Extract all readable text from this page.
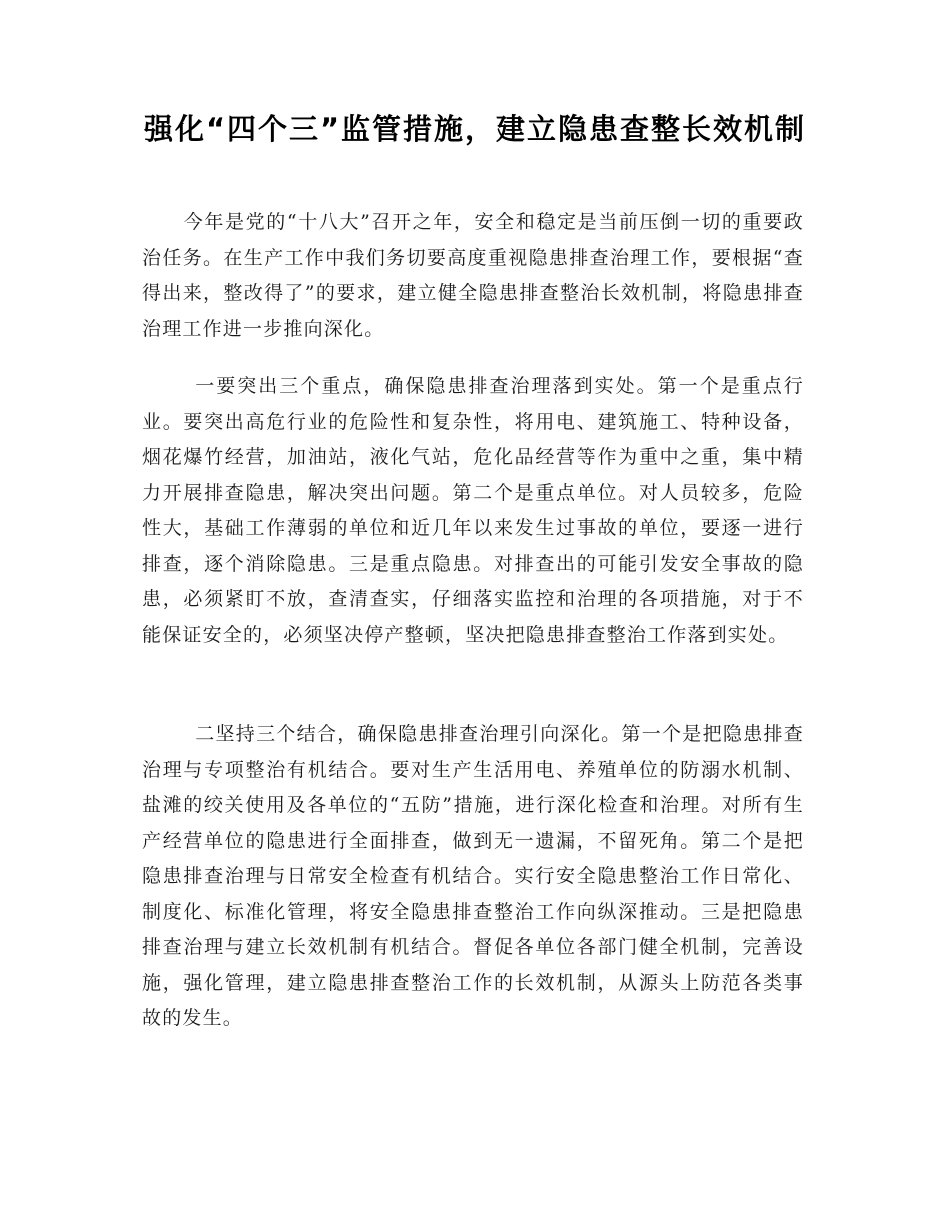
强化“四个三”监管措施，建立隐患查整长效机制

今年是党的“十八大”召开之年，安全和稳定是当前压倒一切的重要政治任务。在生产工作中我们务切要高度重视隐患排查治理工作，要根据“查得出来，整改得了”的要求，建立健全隐患排查整治长效机制，将隐患排查治理工作进一步推向深化。

一要突出三个重点，确保隐患排查治理落到实处。第一个是重点行业。要突出高危行业的危险性和复杂性，将用电、建筑施工、特种设备，烟花爆竹经营，加油站，液化气站，危化品经营等作为重中之重，集中精力开展排查隐患，解决突出问题。第二个是重点单位。对人员较多，危险性大，基础工作薄弱的单位和近几年以来发生过事故的单位，要逐一进行排查，逐个消除隐患。三是重点隐患。对排查出的可能引发安全事故的隐患，必须紧盯不放，查清查实，仔细落实监控和治理的各项措施，对于不能保证安全的，必须坚决停产整顿，坚决把隐患排查整治工作落到实处。

二坚持三个结合，确保隐患排查治理引向深化。第一个是把隐患排查治理与专项整治有机结合。要对生产生活用电、养殖单位的防溺水机制、盐滩的绞关使用及各单位的“五防”措施，进行深化检查和治理。对所有生产经营单位的隐患进行全面排查，做到无一遗漏，不留死角。第二个是把隐患排查治理与日常安全检查有机结合。实行安全隐患整治工作日常化、制度化、标准化管理，将安全隐患排查整治工作向纵深推动。三是把隐患排查治理与建立长效机制有机结合。督促各单位各部门健全机制，完善设施，强化管理，建立隐患排查整治工作的长效机制，从源头上防范各类事故的发生。
